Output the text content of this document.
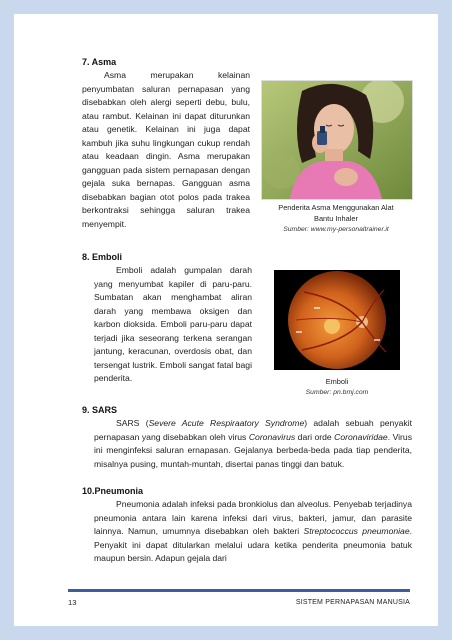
7. Asma
Asma merupakan kelainan penyumbatan saluran pernapasan yang disebabkan oleh alergi seperti debu, bulu, atau rambut. Kelainan ini dapat diturunkan atau genetik. Kelainan ini juga dapat kambuh jika suhu lingkungan cukup rendah atau keadaan dingin. Asma merupakan gangguan pada sistem pernapasan dengan gejala suka bernapas. Gangguan asma disebabkan bagian otot polos pada trakea berkontraksi sehingga saluran trakea menyempit.
Penderita Asma Menggunakan Alat
Bantu Inhaler
Sumber: www.my-personaltrainer.it
8. Emboli
Emboli adalah gumpalan darah yang menyumbat kapiler di paru-paru. Sumbatan akan menghambat aliran darah yang membawa oksigen dan karbon dioksida. Emboli paru-paru dapat terjadi jika seseorang terkena serangan jantung, keracunan, overdosis obat, dan tersengat lustrik. Emboli sangat fatal bagi penderita.	Emboli
Sumber: pn.bmj.com
9. SARS
SARS (Severe Acute Respiraatory Syndrome) adalah sebuah penyakit pernapasan yang disebabkan oleh virus Coronavirus dari orde Coronaviridae. Virus ini menginfeksi saluran ernapasan. Gejalanya berbeda-beda pada tiap penderita, misalnya pusing, muntah-muntah, disertai panas tinggi dan batuk.
10.Pneumonia
Pneumonia adalah infeksi pada bronkiolus dan alveolus. Penyebab terjadinya pneumonia antara lain karena infeksi dari virus, bakteri, jamur, dan parasite lainnya. Namun, umumnya disebabkan oleh bakteri Streptococcus pneumoniae. Penyakit ini dapat ditularkan melalui udara ketika penderita pneumonia batuk maupun bersin. Adapun gejala dari
13	SISTEM PERNAPASAN MANUSIA
